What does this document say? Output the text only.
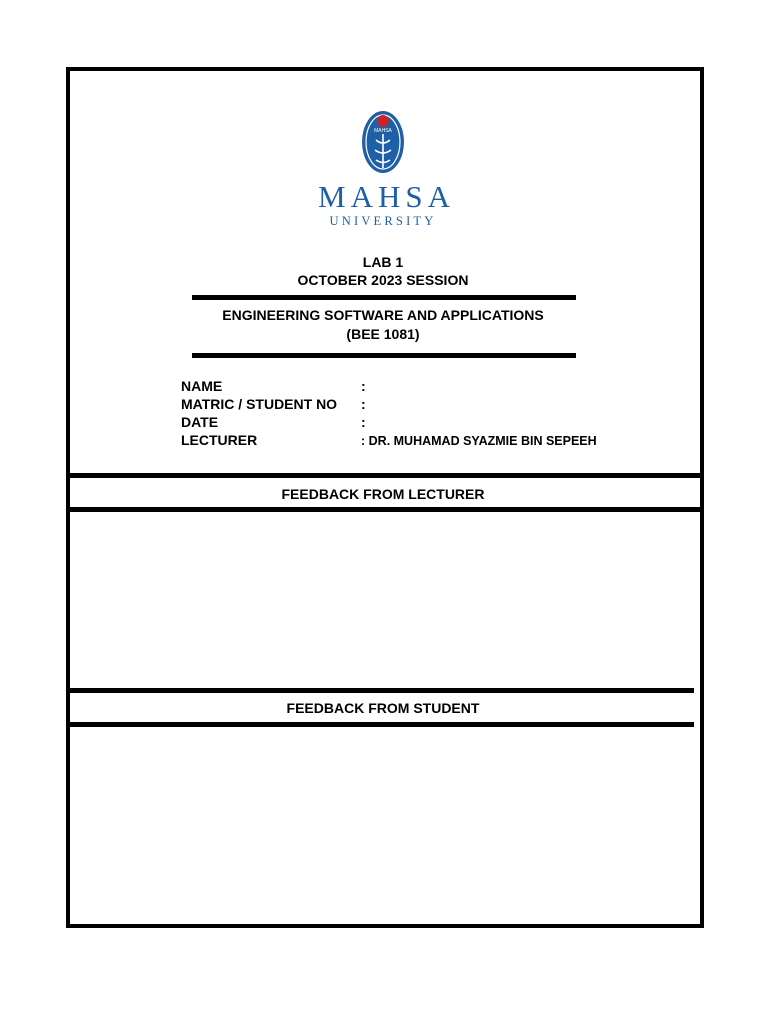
MAHSA
MAHSA
UNIVERSITY
LAB 1
OCTOBER 2023 SESSION
ENGINEERING SOFTWARE AND APPLICATIONS
(BEE 1081)
NAME	:
MATRIC / STUDENT NO :
DATE	:
LECTURER	: DR. MUHAMAD SYAZMIE BIN SEPEEH
FEEDBACK FROM LECTURER
FEEDBACK FROM STUDENT
